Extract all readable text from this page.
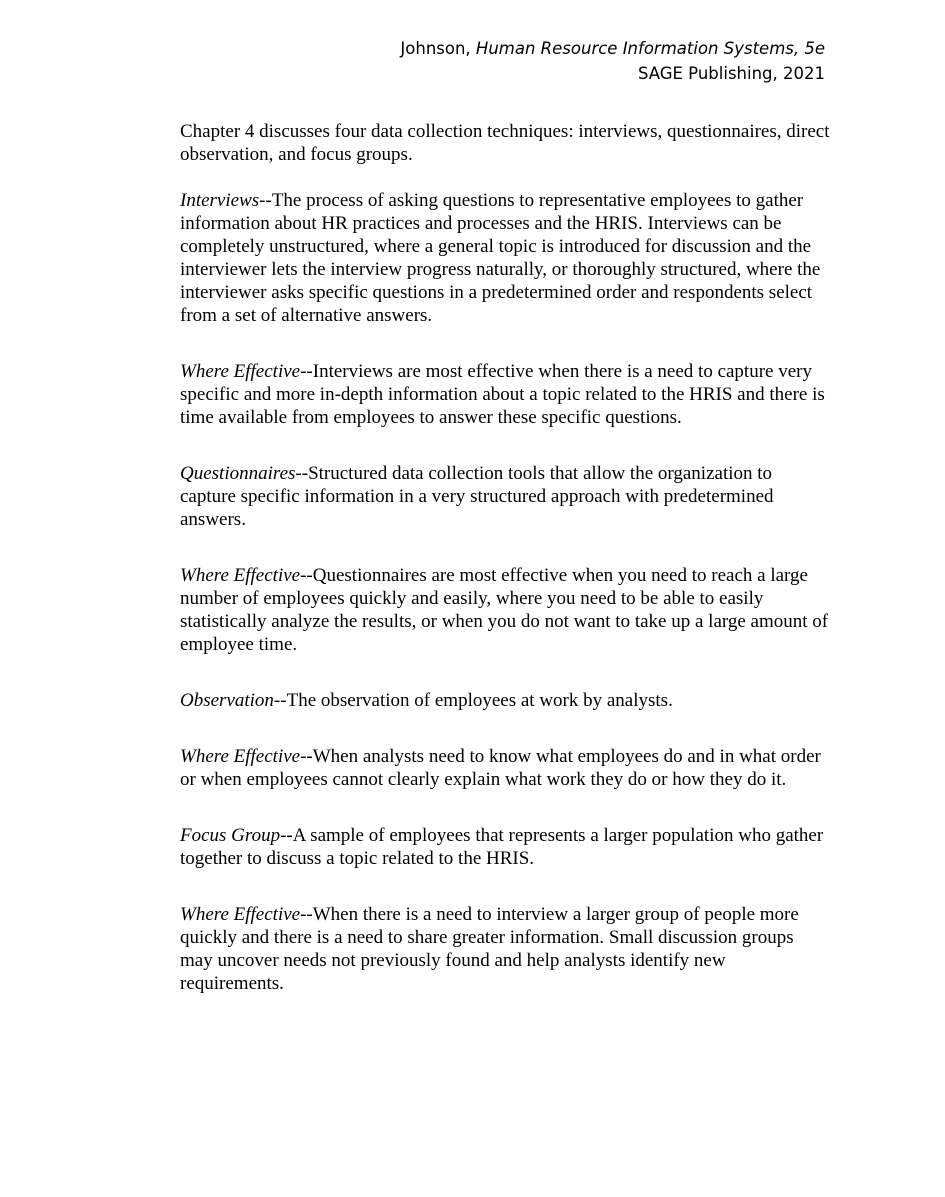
Johnson, Human Resource Information Systems, 5e
SAGE Publishing, 2021

Chapter 4 discusses four data collection techniques: interviews, questionnaires, direct observation, and focus groups.

Interviews--The process of asking questions to representative employees to gather information about HR practices and processes and the HRIS. Interviews can be completely unstructured, where a general topic is introduced for discussion and the interviewer lets the interview progress naturally, or thoroughly structured, where the interviewer asks specific questions in a predetermined order and respondents select from a set of alternative answers.

Where Effective--Interviews are most effective when there is a need to capture very specific and more in-depth information about a topic related to the HRIS and there is time available from employees to answer these specific questions.

Questionnaires--Structured data collection tools that allow the organization to capture specific information in a very structured approach with predetermined answers.

Where Effective--Questionnaires are most effective when you need to reach a large number of employees quickly and easily, where you need to be able to easily statistically analyze the results, or when you do not want to take up a large amount of employee time.

Observation--The observation of employees at work by analysts.

Where Effective--When analysts need to know what employees do and in what order or when employees cannot clearly explain what work they do or how they do it.

Focus Group--A sample of employees that represents a larger population who gather together to discuss a topic related to the HRIS.

Where Effective--When there is a need to interview a larger group of people more quickly and there is a need to share greater information. Small discussion groups may uncover needs not previously found and help analysts identify new requirements.
